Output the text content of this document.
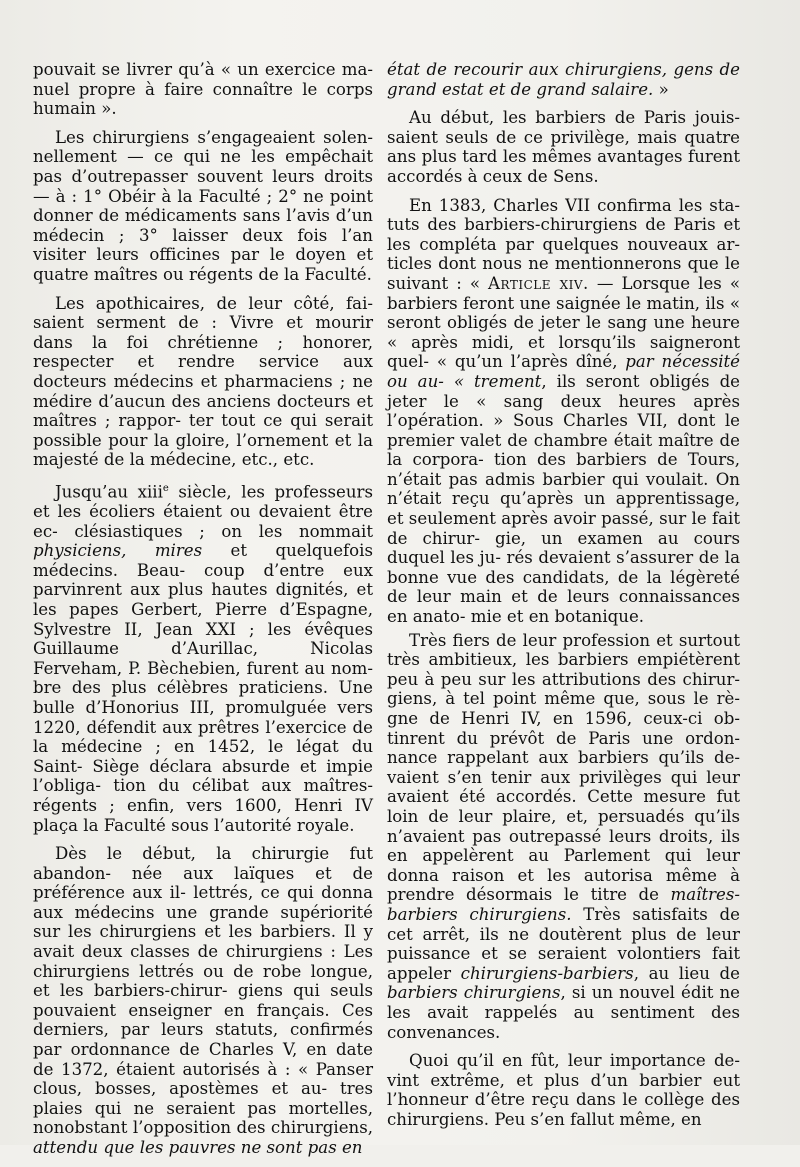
pouvait se livrer qu’à « un exercice ma- nuel propre à faire connaître le corps humain ».

Les chirurgiens s’engageaient solen- nellement — ce qui ne les empêchait pas d’outrepasser souvent leurs droits — à : 1° Obéir à la Faculté ; 2° ne point donner de médicaments sans l’avis d’un médecin ; 3° laisser deux fois l’an visiter leurs officines par le doyen et quatre maîtres ou régents de la Faculté.

Les apothicaires, de leur côté, fai- saient serment de : Vivre et mourir dans la foi chrétienne ; honorer, respecter et rendre service aux docteurs médecins et pharmaciens ; ne médire d’aucun des anciens docteurs et maîtres ; rappor- ter tout ce qui serait possible pour la gloire, l’ornement et la majesté de la médecine, etc., etc.

Jusqu’au xiii$^e$ siècle, les professeurs et les écoliers étaient ou devaient être ec- clésiastiques ; on les nommait physiciens, mires et quelquefois médecins. Beau- coup d’entre eux parvinrent aux plus hautes dignités, et les papes Gerbert, Pierre d’Espagne, Sylvestre II, Jean XXI ; les évêques Guillaume d’Aurillac, Nicolas Ferveham, P. Bèchebien, furent au nom- bre des plus célèbres praticiens. Une bulle d’Honorius III, promulguée vers 1220, défendit aux prêtres l’exercice de la médecine ; en 1452, le légat du Saint- Siège déclara absurde et impie l’obliga- tion du célibat aux maîtres-régents ; enfin, vers 1600, Henri IV plaça la Faculté sous l’autorité royale.

Dès le début, la chirurgie fut abandon- née aux laïques et de préférence aux il- lettrés, ce qui donna aux médecins une grande supériorité sur les chirurgiens et les barbiers. Il y avait deux classes de chirurgiens : Les chirurgiens lettrés ou de robe longue, et les barbiers-chirur- giens qui seuls pouvaient enseigner en français. Ces derniers, par leurs statuts, confirmés par ordonnance de Charles V, en date de 1372, étaient autorisés à : « Panser clous, bosses, apostèmes et au- tres plaies qui ne seraient pas mortelles, nonobstant l’opposition des chirurgiens, attendu que les pauvres ne sont pas en

état de recourir aux chirurgiens, gens de grand estat et de grand salaire. »

Au début, les barbiers de Paris jouis- saient seuls de ce privilège, mais quatre ans plus tard les mêmes avantages furent accordés à ceux de Sens.

En 1383, Charles VII confirma les sta- tuts des barbiers-chirurgiens de Paris et les compléta par quelques nouveaux ar- ticles dont nous ne mentionnerons que le suivant : « Article xiv. — Lorsque les « barbiers feront une saignée le matin, ils « seront obligés de jeter le sang une heure « après midi, et lorsqu’ils saigneront quel- « qu’un l’après dîné, par nécessité ou au- « trement, ils seront obligés de jeter le « sang deux heures après l’opération. » Sous Charles VII, dont le premier valet de chambre était maître de la corpora- tion des barbiers de Tours, n’était pas admis barbier qui voulait. On n’était reçu qu’après un apprentissage, et seulement après avoir passé, sur le fait de chirur- gie, un examen au cours duquel les ju- rés devaient s’assurer de la bonne vue des candidats, de la légèreté de leur main et de leurs connaissances en anato- mie et en botanique.

Très fiers de leur profession et surtout très ambitieux, les barbiers empiétèrent peu à peu sur les attributions des chirur- giens, à tel point même que, sous le rè- gne de Henri IV, en 1596, ceux-ci ob- tinrent du prévôt de Paris une ordon- nance rappelant aux barbiers qu’ils de- vaient s’en tenir aux privilèges qui leur avaient été accordés. Cette mesure fut loin de leur plaire, et, persuadés qu’ils n’avaient pas outrepassé leurs droits, ils en appelèrent au Parlement qui leur donna raison et les autorisa même à prendre désormais le titre de maîtres- barbiers chirurgiens. Très satisfaits de cet arrêt, ils ne doutèrent plus de leur puissance et se seraient volontiers fait appeler chirurgiens-barbiers, au lieu de barbiers chirurgiens, si un nouvel édit ne les avait rappelés au sentiment des convenances.

Quoi qu’il en fût, leur importance de- vint extrême, et plus d’un barbier eut l’honneur d’être reçu dans le collège des chirurgiens. Peu s’en fallut même, en
